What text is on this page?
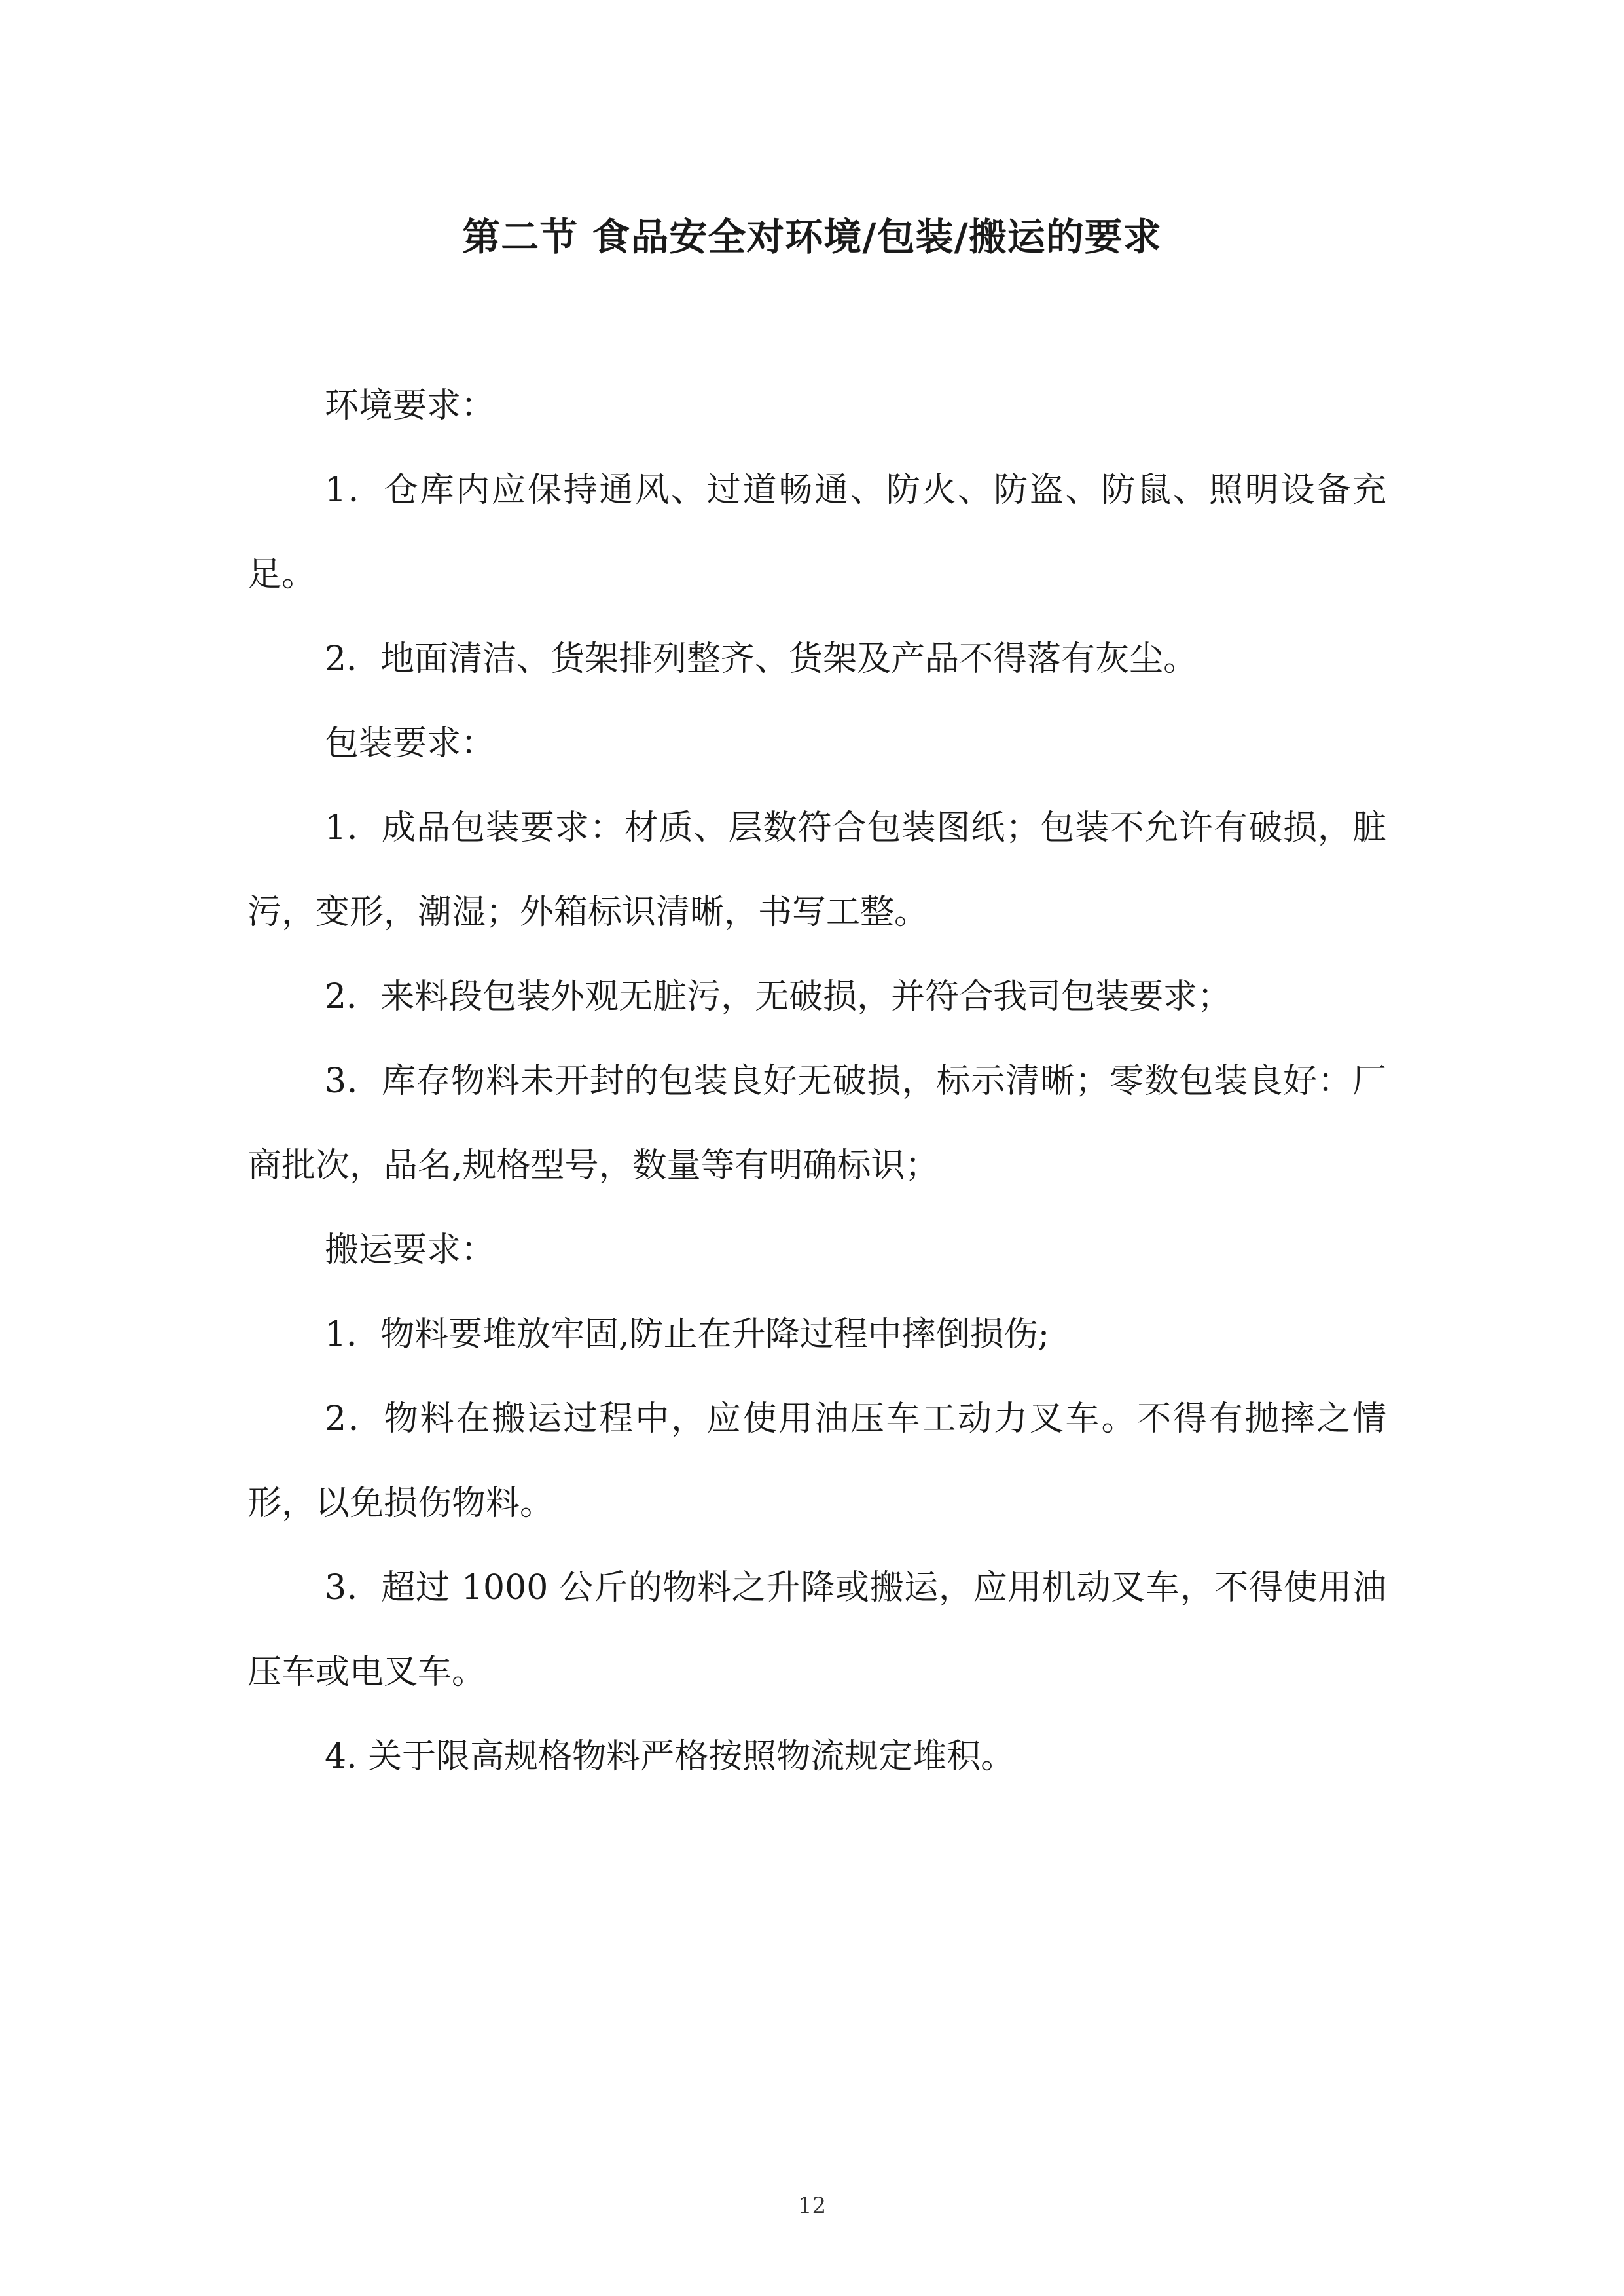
第二节 食品安全对环境/包装/搬运的要求

环境要求：

1．仓库内应保持通风、过道畅通、防火、防盗、防鼠、照明设备充足。

2．地面清洁、货架排列整齐、货架及产品不得落有灰尘。

包装要求：

1．成品包装要求：材质、层数符合包装图纸；包装不允许有破损，脏污，变形，潮湿；外箱标识清晰，书写工整。

2．来料段包装外观无脏污，无破损，并符合我司包装要求；

3．库存物料未开封的包装良好无破损，标示清晰；零数包装良好：厂商批次，品名,规格型号，数量等有明确标识；

搬运要求：

1．物料要堆放牢固,防止在升降过程中摔倒损伤;

2．物料在搬运过程中，应使用油压车工动力叉车。不得有抛摔之情形，以免损伤物料。

3．超过 1000 公斤的物料之升降或搬运，应用机动叉车，不得使用油压车或电叉车。

4. 关于限高规格物料严格按照物流规定堆积。

12
